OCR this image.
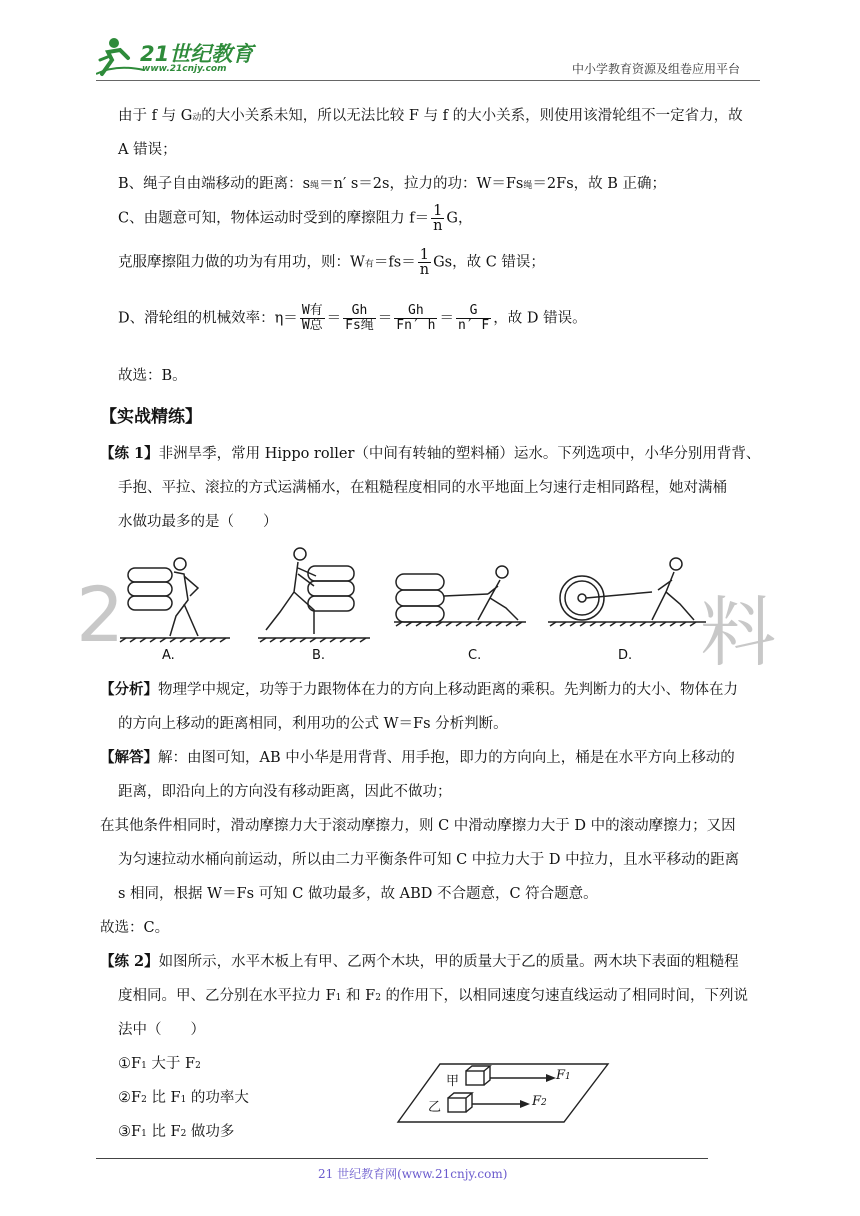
21世纪教育
www.21cnjy.com	中小学教育资源及组卷应用平台
由于 f 与 G动的大小关系未知，所以无法比较 F 与 f 的大小关系，则使用该滑轮组不一定省力，故
A 错误；
B、绳子自由端移动的距离：s绳＝n′ s＝2s，拉力的功：W＝Fs绳＝2Fs，故 B 正确；
C、由题意可知，物体运动时受到的摩擦阻力 $f= \frac{1}{n}$ G，
克服摩擦阻力做的功为有用功，则：W有$=fs= \frac{1}{n}$ Gs，故 C 错误；
D、滑轮组的机械效率：$\eta= \frac{\text{W有}}{\text{W总}} = \frac{Gh}{\text{Fs绳}} = \frac{Gh}{Fn' h} = \frac{G}{n' F}$ ，故 D 错误。
故选：B。
【实战精练】
【练 1】非洲旱季，常用 Hippo roller（中间有转轴的塑料桶）运水。下列选项中，小华分别用背背、
手抱、平拉、滚拉的方式运满桶水，在粗糙程度相同的水平地面上匀速行走相同路程，她对满桶
水做功最多的是（　　）
2	料
A.	B.	C.	D.
【分析】物理学中规定，功等于力跟物体在力的方向上移动距离的乘积。先判断力的大小、物体在力
的方向上移动的距离相同，利用功的公式 W＝Fs 分析判断。
【解答】解：由图可知，AB 中小华是用背背、用手抱，即力的方向向上，桶是在水平方向上移动的
距离，即沿向上的方向没有移动距离，因此不做功；
在其他条件相同时，滑动摩擦力大于滚动摩擦力，则 C 中滑动摩擦力大于 D 中的滚动摩擦力；又因
为匀速拉动水桶向前运动，所以由二力平衡条件可知 C 中拉力大于 D 中拉力，且水平移动的距离
s 相同，根据 W＝Fs 可知 C 做功最多，故 ABD 不合题意，C 符合题意。
故选：C。
【练 2】如图所示，水平木板上有甲、乙两个木块，甲的质量大于乙的质量。两木块下表面的粗糙程
度相同。甲、乙分别在水平拉力 F1 和 F2 的作用下，以相同速度匀速直线运动了相同时间，下列说
法中（　　）
①F1 大于 F2
②F2 比 F1 的功率大
③F1 比 F2 做功多
甲
乙
F1
F2
21 世纪教育网(www.21cnjy.com)
